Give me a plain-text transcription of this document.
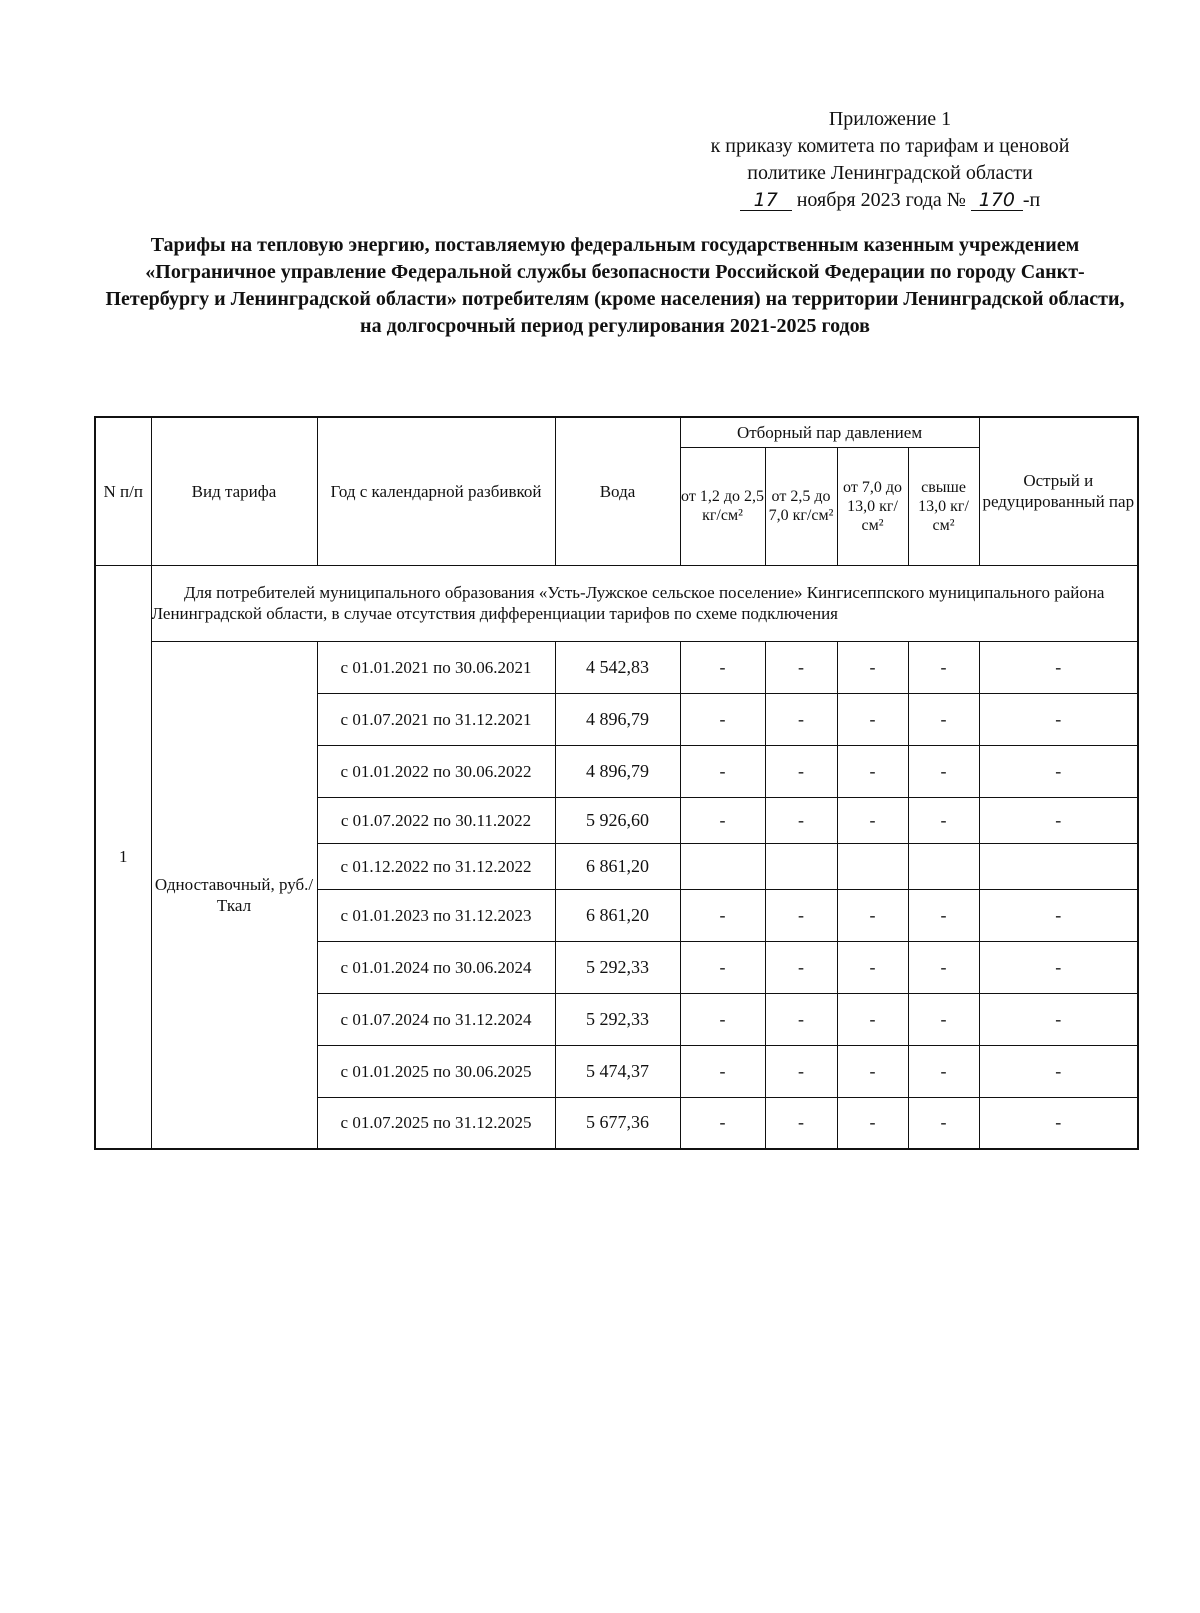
Приложение 1
к приказу комитета по тарифам и ценовой
политике Ленинградской области
17 ноября 2023 года № 170 -п
Тарифы на тепловую энергию, поставляемую федеральным государственным казенным учреждением «Пограничное управление Федеральной службы безопасности Российской Федерации по городу Санкт-Петербургу и Ленинградской области» потребителям (кроме населения) на территории Ленинградской области, на долгосрочный период регулирования 2021-2025 годов
N п/п	Вид тарифа	Год с календарной разбивкой	Вода	Отборный пар давлением				Острый и редуцированный пар
				от 1,2 до 2,5 кг/см²	от 2,5 до 7,0 кг/см²	от 7,0 до 13,0 кг/см²	свыше 13,0 кг/см²	
1	Для потребителей муниципального образования «Усть-Лужское сельское поселение» Кингисеппского муниципального района Ленинградской области, в случае отсутствия дифференциации тарифов по схеме подключения							
	Одноставочный, руб./Ткал	с 01.01.2021 по 30.06.2021	4 542,83	-	-	-	-	-
		с 01.07.2021 по 31.12.2021	4 896,79	-	-	-	-	-
		с 01.01.2022 по 30.06.2022	4 896,79	-	-	-	-	-
		с 01.07.2022 по 30.11.2022	5 926,60	-	-	-	-	-
		с 01.12.2022 по 31.12.2022	6 861,20					
		с 01.01.2023 по 31.12.2023	6 861,20	-	-	-	-	-
		с 01.01.2024 по 30.06.2024	5 292,33	-	-	-	-	-
		с 01.07.2024 по 31.12.2024	5 292,33	-	-	-	-	-
		с 01.01.2025 по 30.06.2025	5 474,37	-	-	-	-	-
		с 01.07.2025 по 31.12.2025	5 677,36	-	-	-	-	-
